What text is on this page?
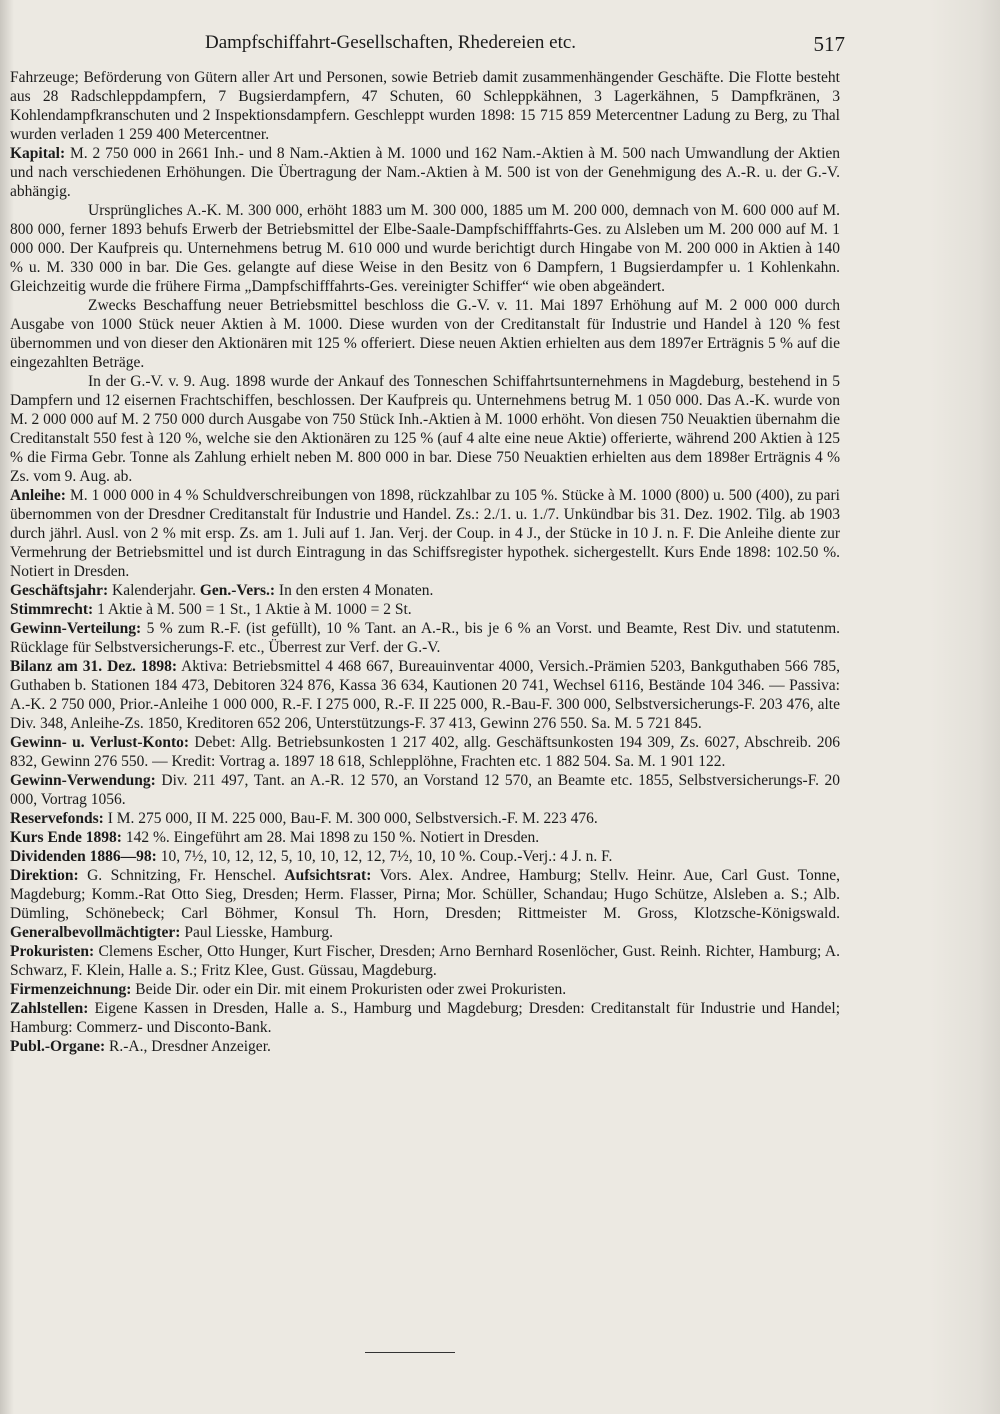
Dampfschiffahrt-Gesellschaften, Rhedereien etc.	517

Fahrzeuge; Beförderung von Gütern aller Art und Personen, sowie Betrieb damit zusammenhängender Geschäfte. Die Flotte besteht aus 28 Radschleppdampfern, 7 Bugsierdampfern, 47 Schuten, 60 Schleppkähnen, 3 Lagerkähnen, 5 Dampfkränen, 3 Kohlendampfkranschuten und 2 Inspektionsdampfern. Geschleppt wurden 1898: 15 715 859 Metercentner Ladung zu Berg, zu Thal wurden verladen 1 259 400 Metercentner.

Kapital: M. 2 750 000 in 2661 Inh.- und 8 Nam.-Aktien à M. 1000 und 162 Nam.-Aktien à M. 500 nach Umwandlung der Aktien und nach verschiedenen Erhöhungen. Die Übertragung der Nam.-Aktien à M. 500 ist von der Genehmigung des A.-R. u. der G.-V. abhängig.

Ursprüngliches A.-K. M. 300 000, erhöht 1883 um M. 300 000, 1885 um M. 200 000, demnach von M. 600 000 auf M. 800 000, ferner 1893 behufs Erwerb der Betriebsmittel der Elbe-Saale-Dampfschifffahrts-Ges. zu Alsleben um M. 200 000 auf M. 1 000 000. Der Kaufpreis qu. Unternehmens betrug M. 610 000 und wurde berichtigt durch Hingabe von M. 200 000 in Aktien à 140 % u. M. 330 000 in bar. Die Ges. gelangte auf diese Weise in den Besitz von 6 Dampfern, 1 Bugsierdampfer u. 1 Kohlenkahn. Gleichzeitig wurde die frühere Firma „Dampfschifffahrts-Ges. vereinigter Schiffer“ wie oben abgeändert.

Zwecks Beschaffung neuer Betriebsmittel beschloss die G.-V. v. 11. Mai 1897 Erhöhung auf M. 2 000 000 durch Ausgabe von 1000 Stück neuer Aktien à M. 1000. Diese wurden von der Creditanstalt für Industrie und Handel à 120 % fest übernommen und von dieser den Aktionären mit 125 % offeriert. Diese neuen Aktien erhielten aus dem 1897er Erträgnis 5 % auf die eingezahlten Beträge.

In der G.-V. v. 9. Aug. 1898 wurde der Ankauf des Tonneschen Schiffahrtsunternehmens in Magdeburg, bestehend in 5 Dampfern und 12 eisernen Frachtschiffen, beschlossen. Der Kaufpreis qu. Unternehmens betrug M. 1 050 000. Das A.-K. wurde von M. 2 000 000 auf M. 2 750 000 durch Ausgabe von 750 Stück Inh.-Aktien à M. 1000 erhöht. Von diesen 750 Neuaktien übernahm die Creditanstalt 550 fest à 120 %, welche sie den Aktionären zu 125 % (auf 4 alte eine neue Aktie) offerierte, während 200 Aktien à 125 % die Firma Gebr. Tonne als Zahlung erhielt neben M. 800 000 in bar. Diese 750 Neuaktien erhielten aus dem 1898er Erträgnis 4 % Zs. vom 9. Aug. ab.

Anleihe: M. 1 000 000 in 4 % Schuldverschreibungen von 1898, rückzahlbar zu 105 %. Stücke à M. 1000 (800) u. 500 (400), zu pari übernommen von der Dresdner Creditanstalt für Industrie und Handel. Zs.: 2./1. u. 1./7. Unkündbar bis 31. Dez. 1902. Tilg. ab 1903 durch jährl. Ausl. von 2 % mit ersp. Zs. am 1. Juli auf 1. Jan. Verj. der Coup. in 4 J., der Stücke in 10 J. n. F. Die Anleihe diente zur Vermehrung der Betriebsmittel und ist durch Eintragung in das Schiffsregister hypothek. sichergestellt. Kurs Ende 1898: 102.50 %. Notiert in Dresden.

Geschäftsjahr: Kalenderjahr. Gen.-Vers.: In den ersten 4 Monaten.

Stimmrecht: 1 Aktie à M. 500 = 1 St., 1 Aktie à M. 1000 = 2 St.

Gewinn-Verteilung: 5 % zum R.-F. (ist gefüllt), 10 % Tant. an A.-R., bis je 6 % an Vorst. und Beamte, Rest Div. und statutenm. Rücklage für Selbstversicherungs-F. etc., Überrest zur Verf. der G.-V.

Bilanz am 31. Dez. 1898: Aktiva: Betriebsmittel 4 468 667, Bureauinventar 4000, Versich.-Prämien 5203, Bankguthaben 566 785, Guthaben b. Stationen 184 473, Debitoren 324 876, Kassa 36 634, Kautionen 20 741, Wechsel 6116, Bestände 104 346. — Passiva: A.-K. 2 750 000, Prior.-Anleihe 1 000 000, R.-F. I 275 000, R.-F. II 225 000, R.-Bau-F. 300 000, Selbstversicherungs-F. 203 476, alte Div. 348, Anleihe-Zs. 1850, Kreditoren 652 206, Unterstützungs-F. 37 413, Gewinn 276 550. Sa. M. 5 721 845.

Gewinn- u. Verlust-Konto: Debet: Allg. Betriebsunkosten 1 217 402, allg. Geschäftsunkosten 194 309, Zs. 6027, Abschreib. 206 832, Gewinn 276 550. — Kredit: Vortrag a. 1897 18 618, Schlepplöhne, Frachten etc. 1 882 504. Sa. M. 1 901 122.

Gewinn-Verwendung: Div. 211 497, Tant. an A.-R. 12 570, an Vorstand 12 570, an Beamte etc. 1855, Selbstversicherungs-F. 20 000, Vortrag 1056.

Reservefonds: I M. 275 000, II M. 225 000, Bau-F. M. 300 000, Selbstversich.-F. M. 223 476.

Kurs Ende 1898: 142 %. Eingeführt am 28. Mai 1898 zu 150 %. Notiert in Dresden.

Dividenden 1886—98: 10, 7½, 10, 12, 12, 5, 10, 10, 12, 12, 7½, 10, 10 %. Coup.-Verj.: 4 J. n. F.

Direktion: G. Schnitzing, Fr. Henschel. Aufsichtsrat: Vors. Alex. Andree, Hamburg; Stellv. Heinr. Aue, Carl Gust. Tonne, Magdeburg; Komm.-Rat Otto Sieg, Dresden; Herm. Flasser, Pirna; Mor. Schüller, Schandau; Hugo Schütze, Alsleben a. S.; Alb. Dümling, Schönebeck; Carl Böhmer, Konsul Th. Horn, Dresden; Rittmeister M. Gross, Klotzsche-Königswald. Generalbevollmächtigter: Paul Liesske, Hamburg.

Prokuristen: Clemens Escher, Otto Hunger, Kurt Fischer, Dresden; Arno Bernhard Rosenlöcher, Gust. Reinh. Richter, Hamburg; A. Schwarz, F. Klein, Halle a. S.; Fritz Klee, Gust. Güssau, Magdeburg.

Firmenzeichnung: Beide Dir. oder ein Dir. mit einem Prokuristen oder zwei Prokuristen.

Zahlstellen: Eigene Kassen in Dresden, Halle a. S., Hamburg und Magdeburg; Dresden: Creditanstalt für Industrie und Handel; Hamburg: Commerz- und Disconto-Bank.

Publ.-Organe: R.-A., Dresdner Anzeiger.
